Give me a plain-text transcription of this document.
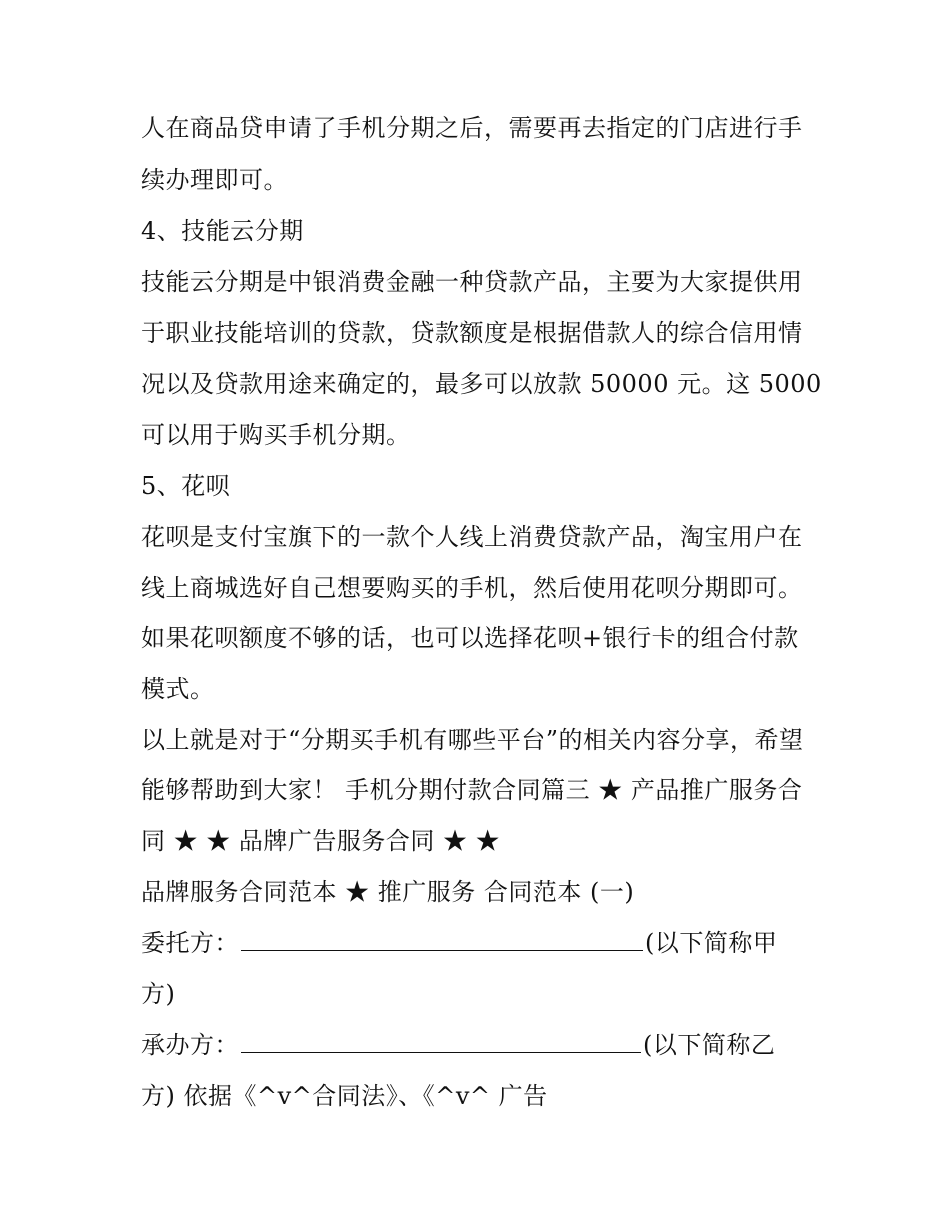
人在商品贷申请了手机分期之后，需要再去指定的门店进行手
续办理即可。
4、技能云分期
技能云分期是中银消费金融一种贷款产品，主要为大家提供用
于职业技能培训的贷款，贷款额度是根据借款人的综合信用情
况以及贷款用途来确定的，最多可以放款 50000 元。这 5000
可以用于购买手机分期。
5、花呗
花呗是支付宝旗下的一款个人线上消费贷款产品，淘宝用户在
线上商城选好自己想要购买的手机，然后使用花呗分期即可。
如果花呗额度不够的话，也可以选择花呗+银行卡的组合付款
模式。
以上就是对于“分期买手机有哪些平台”的相关内容分享，希望
能够帮助到大家！ 手机分期付款合同篇三 ★ 产品推广服务合
同 ★ ★ 品牌广告服务合同 ★ ★
品牌服务合同范本 ★ 推广服务 合同范本 (一)
委托方：	(以下简称甲
方)
承办方：	(以下简称乙
方) 依据《^v^合同法》、《^v^ 广告
